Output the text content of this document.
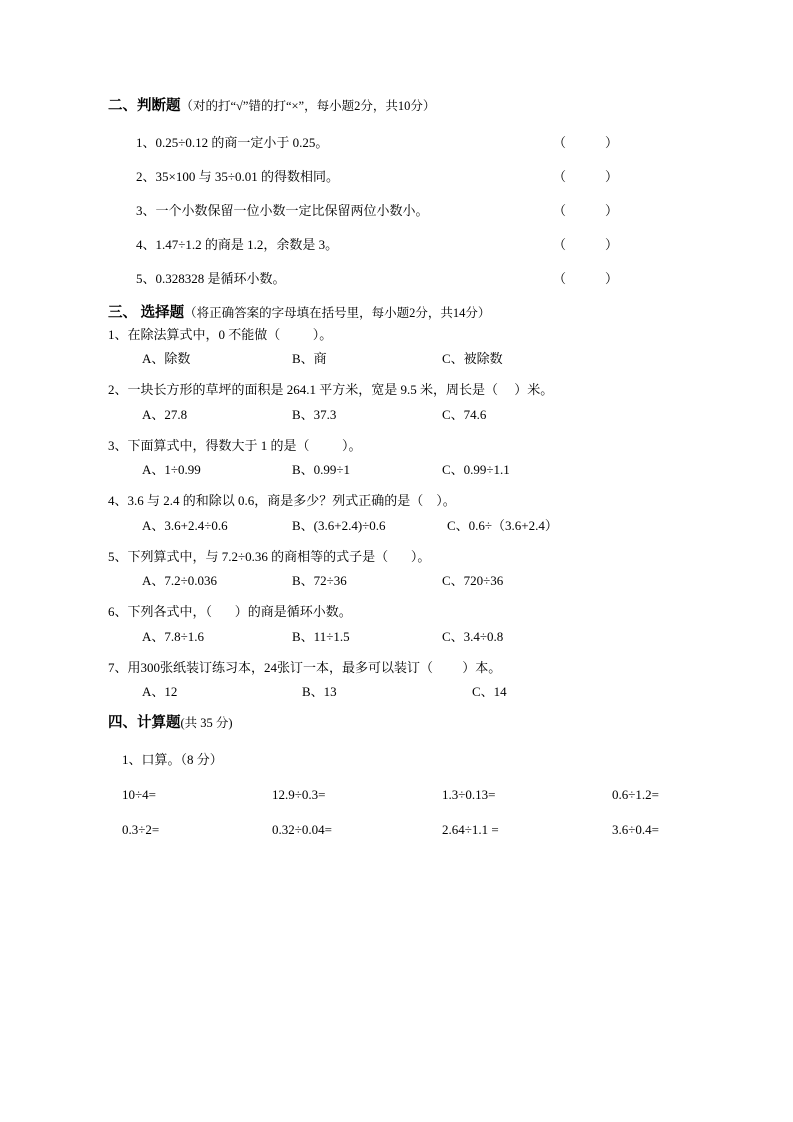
二、判断题（对的打“√”错的打“×”，每小题2分，共10分）

1、0.25÷0.12 的商一定小于 0.25。	（            ）
2、35×100 与 35÷0.01 的得数相同。	（            ）
3、一个小数保留一位小数一定比保留两位小数小。	（            ）
4、1.47÷1.2 的商是 1.2，余数是 3。	（            ）
5、0.328328 是循环小数。	（            ）

三、 选择题（将正确答案的字母填在括号里，每小题2分，共14分）

1、在除法算式中，0 不能做（          ）。

A、除数	B、商	C、被除数

2、一块长方形的草坪的面积是 264.1 平方米，宽是 9.5 米，周长是（     ）米。

A、27.8	B、37.3	C、74.6

3、下面算式中，得数大于 1 的是（          ）。

A、1÷0.99	B、0.99÷1	C、0.99÷1.1

4、3.6 与 2.4 的和除以 0.6，商是多少？列式正确的是（    ）。

A、3.6+2.4÷0.6	B、(3.6+2.4)÷0.6	C、0.6÷（3.6+2.4）

5、下列算式中，与 7.2÷0.36 的商相等的式子是（       ）。

A、7.2÷0.036	B、72÷36	C、720÷36

6、下列各式中，（       ）的商是循环小数。

A、7.8÷1.6	B、11÷1.5	C、3.4÷0.8

7、用300张纸装订练习本，24张订一本，最多可以装订（         ）本。

A、12	B、13	C、14

四、计算题(共 35 分)

1、口算。（8 分）

10÷4=	12.9÷0.3=	1.3÷0.13=	0.6÷1.2=
0.3÷2=	0.32÷0.04=	2.64÷1.1 =	3.6÷0.4=
